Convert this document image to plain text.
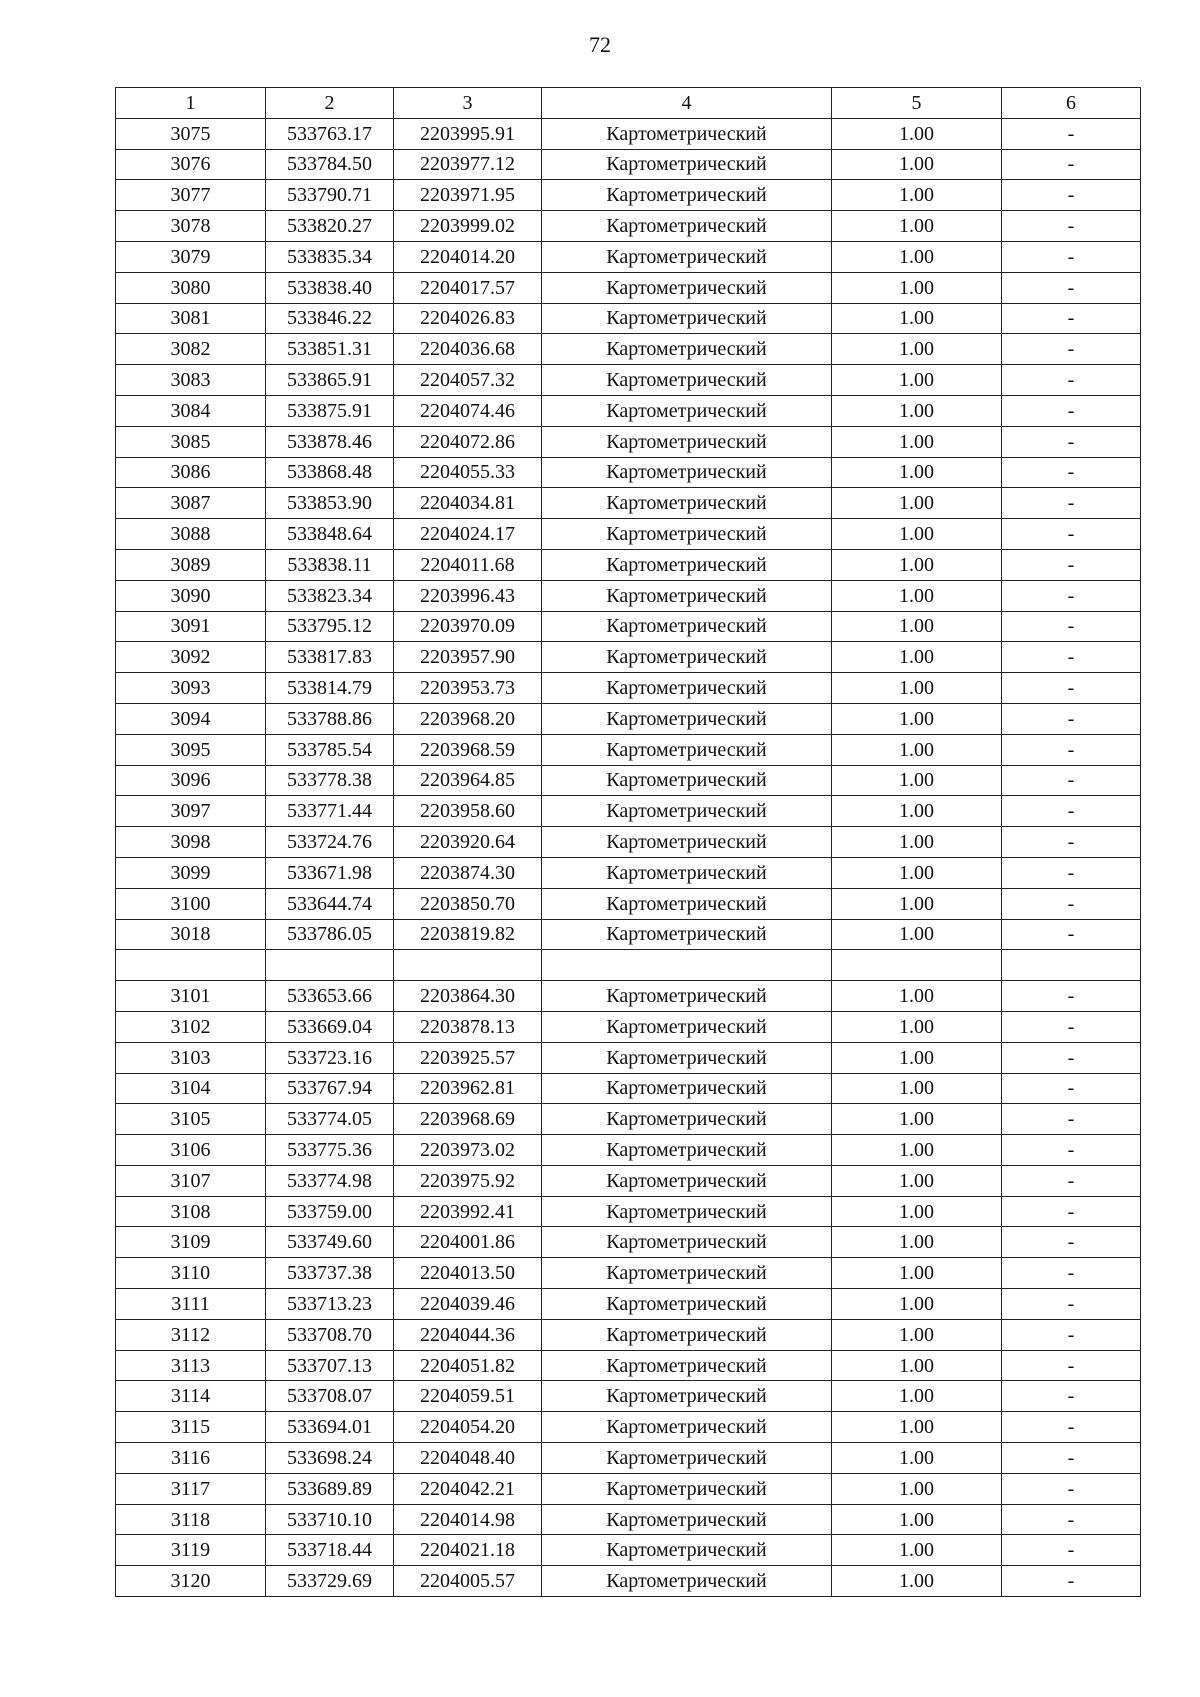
72
1	2	3	4	5	6
3075	533763.17	2203995.91	Картометрический	1.00	-
3076	533784.50	2203977.12	Картометрический	1.00	-
3077	533790.71	2203971.95	Картометрический	1.00	-
3078	533820.27	2203999.02	Картометрический	1.00	-
3079	533835.34	2204014.20	Картометрический	1.00	-
3080	533838.40	2204017.57	Картометрический	1.00	-
3081	533846.22	2204026.83	Картометрический	1.00	-
3082	533851.31	2204036.68	Картометрический	1.00	-
3083	533865.91	2204057.32	Картометрический	1.00	-
3084	533875.91	2204074.46	Картометрический	1.00	-
3085	533878.46	2204072.86	Картометрический	1.00	-
3086	533868.48	2204055.33	Картометрический	1.00	-
3087	533853.90	2204034.81	Картометрический	1.00	-
3088	533848.64	2204024.17	Картометрический	1.00	-
3089	533838.11	2204011.68	Картометрический	1.00	-
3090	533823.34	2203996.43	Картометрический	1.00	-
3091	533795.12	2203970.09	Картометрический	1.00	-
3092	533817.83	2203957.90	Картометрический	1.00	-
3093	533814.79	2203953.73	Картометрический	1.00	-
3094	533788.86	2203968.20	Картометрический	1.00	-
3095	533785.54	2203968.59	Картометрический	1.00	-
3096	533778.38	2203964.85	Картометрический	1.00	-
3097	533771.44	2203958.60	Картометрический	1.00	-
3098	533724.76	2203920.64	Картометрический	1.00	-
3099	533671.98	2203874.30	Картометрический	1.00	-
3100	533644.74	2203850.70	Картометрический	1.00	-
3018	533786.05	2203819.82	Картометрический	1.00	-

3101	533653.66	2203864.30	Картометрический	1.00	-
3102	533669.04	2203878.13	Картометрический	1.00	-
3103	533723.16	2203925.57	Картометрический	1.00	-
3104	533767.94	2203962.81	Картометрический	1.00	-
3105	533774.05	2203968.69	Картометрический	1.00	-
3106	533775.36	2203973.02	Картометрический	1.00	-
3107	533774.98	2203975.92	Картометрический	1.00	-
3108	533759.00	2203992.41	Картометрический	1.00	-
3109	533749.60	2204001.86	Картометрический	1.00	-
3110	533737.38	2204013.50	Картометрический	1.00	-
3111	533713.23	2204039.46	Картометрический	1.00	-
3112	533708.70	2204044.36	Картометрический	1.00	-
3113	533707.13	2204051.82	Картометрический	1.00	-
3114	533708.07	2204059.51	Картометрический	1.00	-
3115	533694.01	2204054.20	Картометрический	1.00	-
3116	533698.24	2204048.40	Картометрический	1.00	-
3117	533689.89	2204042.21	Картометрический	1.00	-
3118	533710.10	2204014.98	Картометрический	1.00	-
3119	533718.44	2204021.18	Картометрический	1.00	-
3120	533729.69	2204005.57	Картометрический	1.00	-
